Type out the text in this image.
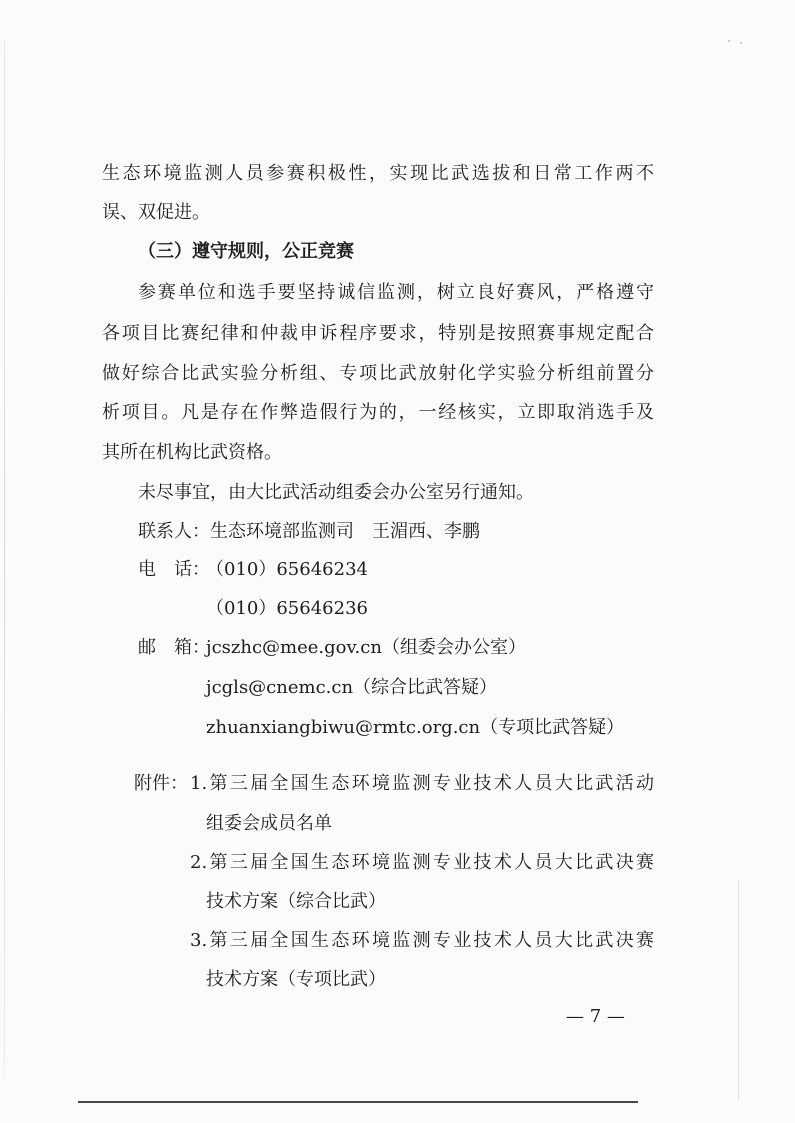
生态环境监测人员参赛积极性，实现比武选拔和日常工作两不
误、双促进。
（三）遵守规则，公正竞赛
参赛单位和选手要坚持诚信监测，树立良好赛风，严格遵守
各项目比赛纪律和仲裁申诉程序要求，特别是按照赛事规定配合
做好综合比武实验分析组、专项比武放射化学实验分析组前置分
析项目。凡是存在作弊造假行为的，一经核实，立即取消选手及
其所在机构比武资格。
未尽事宜，由大比武活动组委会办公室另行通知。
联系人：生态环境部监测司　王湄西、李鹏
电　话：
（010）65646234
（010）65646236
邮　箱：
jcszhc@mee.gov.cn（组委会办公室）
jcgls@cnemc.cn（综合比武答疑）
zhuanxiangbiwu@rmtc.org.cn（专项比武答疑）
附件： 1.第三届全国生态环境监测专业技术人员大比武活动
组委会成员名单
2.第三届全国生态环境监测专业技术人员大比武决赛
技术方案（综合比武）
3.第三届全国生态环境监测专业技术人员大比武决赛
技术方案（专项比武）
— 7 —
